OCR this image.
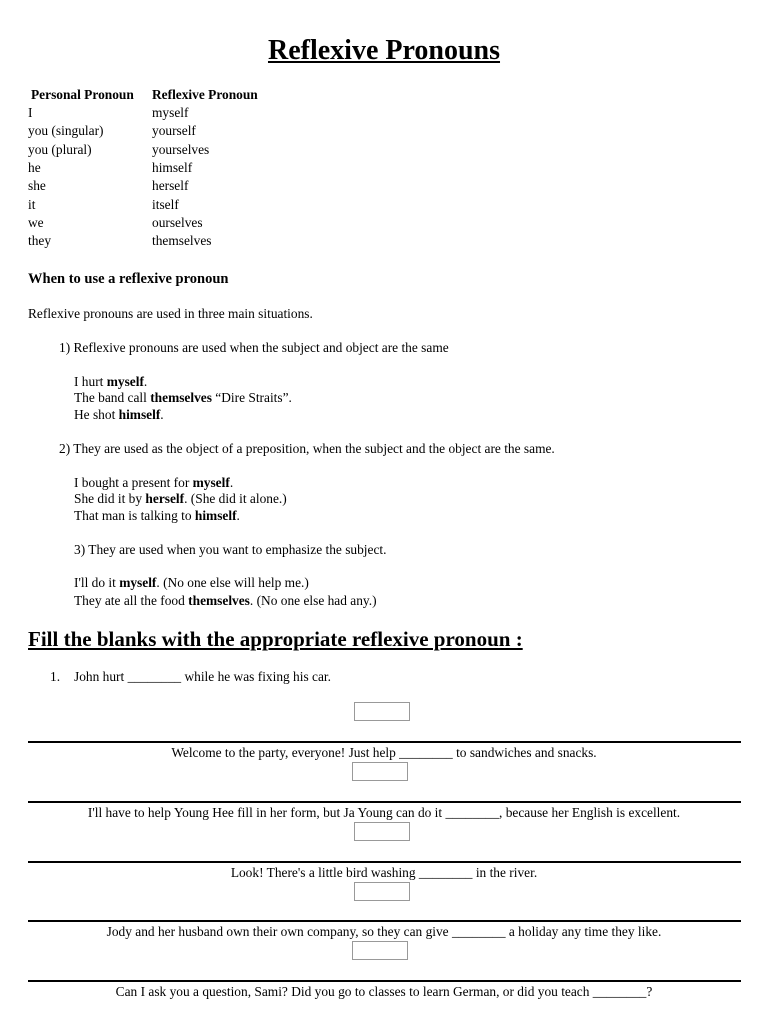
Reflexive Pronouns
Personal Pronoun	Reflexive Pronoun
I	myself
you (singular)	yourself
you (plural)	yourselves
he	himself
she	herself
it	itself
we	ourselves
they	themselves
When to use a reflexive pronoun
Reflexive pronouns are used in three main situations.
1) Reflexive pronouns are used when the subject and object are the same
I hurt myself.
The band call themselves “Dire Straits”.
He shot himself.
2) They are used as the object of a preposition, when the subject and the object are the same.
I bought a present for myself.
She did it by herself. (She did it alone.)
That man is talking to himself.
3) They are used when you want to emphasize the subject.
I'll do it myself. (No one else will help me.)
They ate all the food themselves. (No one else had any.)
Fill the blanks with the appropriate reflexive pronoun :
1. John hurt ________ while he was fixing his car.
Welcome to the party, everyone! Just help ________ to sandwiches and snacks.
I'll have to help Young Hee fill in her form, but Ja Young can do it ________, because her English is excellent.
Look! There's a little bird washing ________ in the river.
Jody and her husband own their own company, so they can give ________ a holiday any time they like.
Can I ask you a question, Sami? Did you go to classes to learn German, or did you teach ________?
